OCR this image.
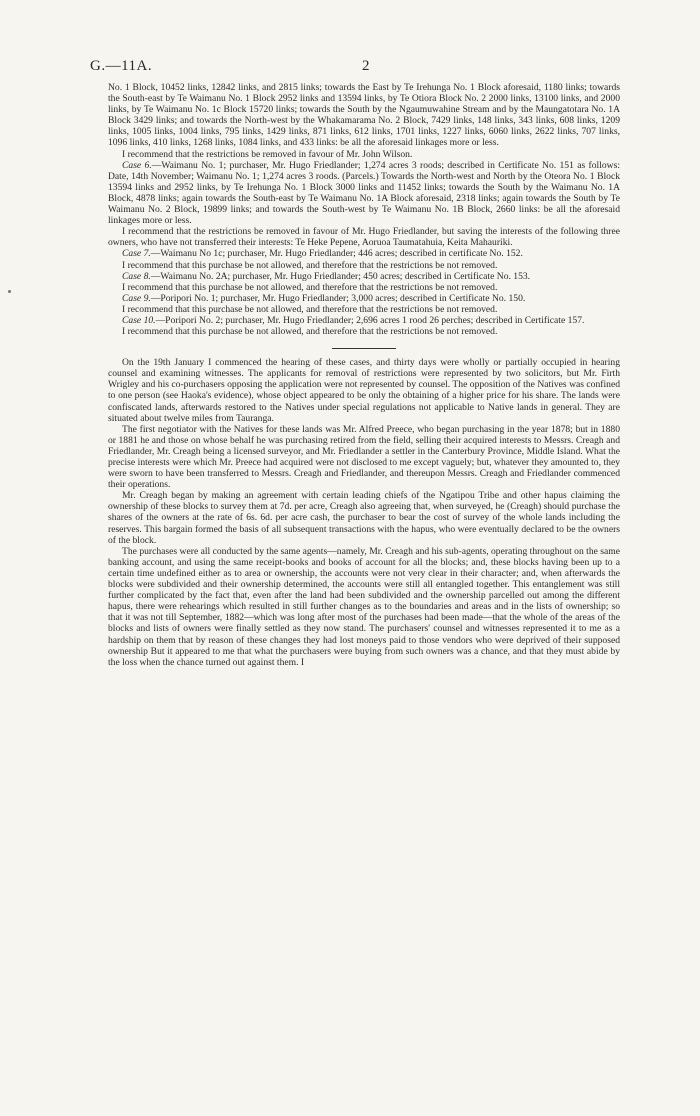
G.—11A.	2

No. 1 Block, 10452 links, 12842 links, and 2815 links; towards the East by Te Irehunga No. 1 Block aforesaid, 1180 links; towards the South-east by Te Waimanu No. 1 Block 2952 links and 13594 links, by Te Otiora Block No. 2 2000 links, 13100 links, and 2000 links, by Te Waimanu No. 1c Block 15720 links; towards the South by the Ngaumuwahine Stream and by the Maungatotara No. 1A Block 3429 links; and towards the North-west by the Whakamarama No. 2 Block, 7429 links, 148 links, 343 links, 608 links, 1209 links, 1005 links, 1004 links, 795 links, 1429 links, 871 links, 612 links, 1701 links, 1227 links, 6060 links, 2622 links, 707 links, 1096 links, 410 links, 1268 links, 1084 links, and 433 links: be all the aforesaid linkages more or less.

I recommend that the restrictions be removed in favour of Mr. John Wilson.

Case 6.—Waimanu No. 1; purchaser, Mr. Hugo Friedlander; 1,274 acres 3 roods; described in Certificate No. 151 as follows: Date, 14th November; Waimanu No. 1; 1,274 acres 3 roods. (Parcels.) Towards the North-west and North by the Oteora No. 1 Block 13594 links and 2952 links, by Te Irehunga No. 1 Block 3000 links and 11452 links; towards the South by the Waimanu No. 1A Block, 4878 links; again towards the South-east by Te Waimanu No. 1A Block aforesaid, 2318 links; again towards the South by Te Waimanu No. 2 Block, 19899 links; and towards the South-west by Te Waimanu No. 1B Block, 2660 links: be all the aforesaid linkages more or less.

I recommend that the restrictions be removed in favour of Mr. Hugo Friedlander, but saving the interests of the following three owners, who have not transferred their interests: Te Heke Pepene, Aoruoa Taumatahuia, Keita Mahauriki.

Case 7.—Waimanu No 1c; purchaser, Mr. Hugo Friedlander; 446 acres; described in certificate No. 152.

I recommend that this purchase be not allowed, and therefore that the restrictions be not removed.

Case 8.—Waimanu No. 2A; purchaser, Mr. Hugo Friedlander; 450 acres; described in Certificate No. 153.

I recommend that this purchase be not allowed, and therefore that the restrictions be not removed.

Case 9.—Poripori No. 1; purchaser, Mr. Hugo Friedlander; 3,000 acres; described in Certificate No. 150.

I recommend that this purchase be not allowed, and therefore that the restrictions be not removed.

Case 10.—Poripori No. 2; purchaser, Mr. Hugo Friedlander; 2,696 acres 1 rood 26 perches; described in Certificate 157.

I recommend that this purchase be not allowed, and therefore that the restrictions be not removed.

On the 19th January I commenced the hearing of these cases, and thirty days were wholly or partially occupied in hearing counsel and examining witnesses. The applicants for removal of restrictions were represented by two solicitors, but Mr. Firth Wrigley and his co-purchasers opposing the application were not represented by counsel. The opposition of the Natives was confined to one person (see Haoka's evidence), whose object appeared to be only the obtaining of a higher price for his share. The lands were confiscated lands, afterwards restored to the Natives under special regulations not applicable to Native lands in general. They are situated about twelve miles from Tauranga.

The first negotiator with the Natives for these lands was Mr. Alfred Preece, who began purchasing in the year 1878; but in 1880 or 1881 he and those on whose behalf he was purchasing retired from the field, selling their acquired interests to Messrs. Creagh and Friedlander, Mr. Creagh being a licensed surveyor, and Mr. Friedlander a settler in the Canterbury Province, Middle Island. What the precise interests were which Mr. Preece had acquired were not disclosed to me except vaguely; but, whatever they amounted to, they were sworn to have been transferred to Messrs. Creagh and Friedlander, and thereupon Messrs. Creagh and Friedlander commenced their operations.

Mr. Creagh began by making an agreement with certain leading chiefs of the Ngatipou Tribe and other hapus claiming the ownership of these blocks to survey them at 7d. per acre, Creagh also agreeing that, when surveyed, he (Creagh) should purchase the shares of the owners at the rate of 6s. 6d. per acre cash, the purchaser to bear the cost of survey of the whole lands including the reserves. This bargain formed the basis of all subsequent transactions with the hapus, who were eventually declared to be the owners of the block.

The purchases were all conducted by the same agents—namely, Mr. Creagh and his sub-agents, operating throughout on the same banking account, and using the same receipt-books and books of account for all the blocks; and, these blocks having been up to a certain time undefined either as to area or ownership, the accounts were not very clear in their character; and, when afterwards the blocks were subdivided and their ownership determined, the accounts were still all entangled together. This entanglement was still further complicated by the fact that, even after the land had been subdivided and the ownership parcelled out among the different hapus, there were rehearings which resulted in still further changes as to the boundaries and areas and in the lists of ownership; so that it was not till September, 1882—which was long after most of the purchases had been made—that the whole of the areas of the blocks and lists of owners were finally settled as they now stand. The purchasers' counsel and witnesses represented it to me as a hardship on them that by reason of these changes they had lost moneys paid to those vendors who were deprived of their supposed ownership But it appeared to me that what the purchasers were buying from such owners was a chance, and that they must abide by the loss when the chance turned out against them. I
